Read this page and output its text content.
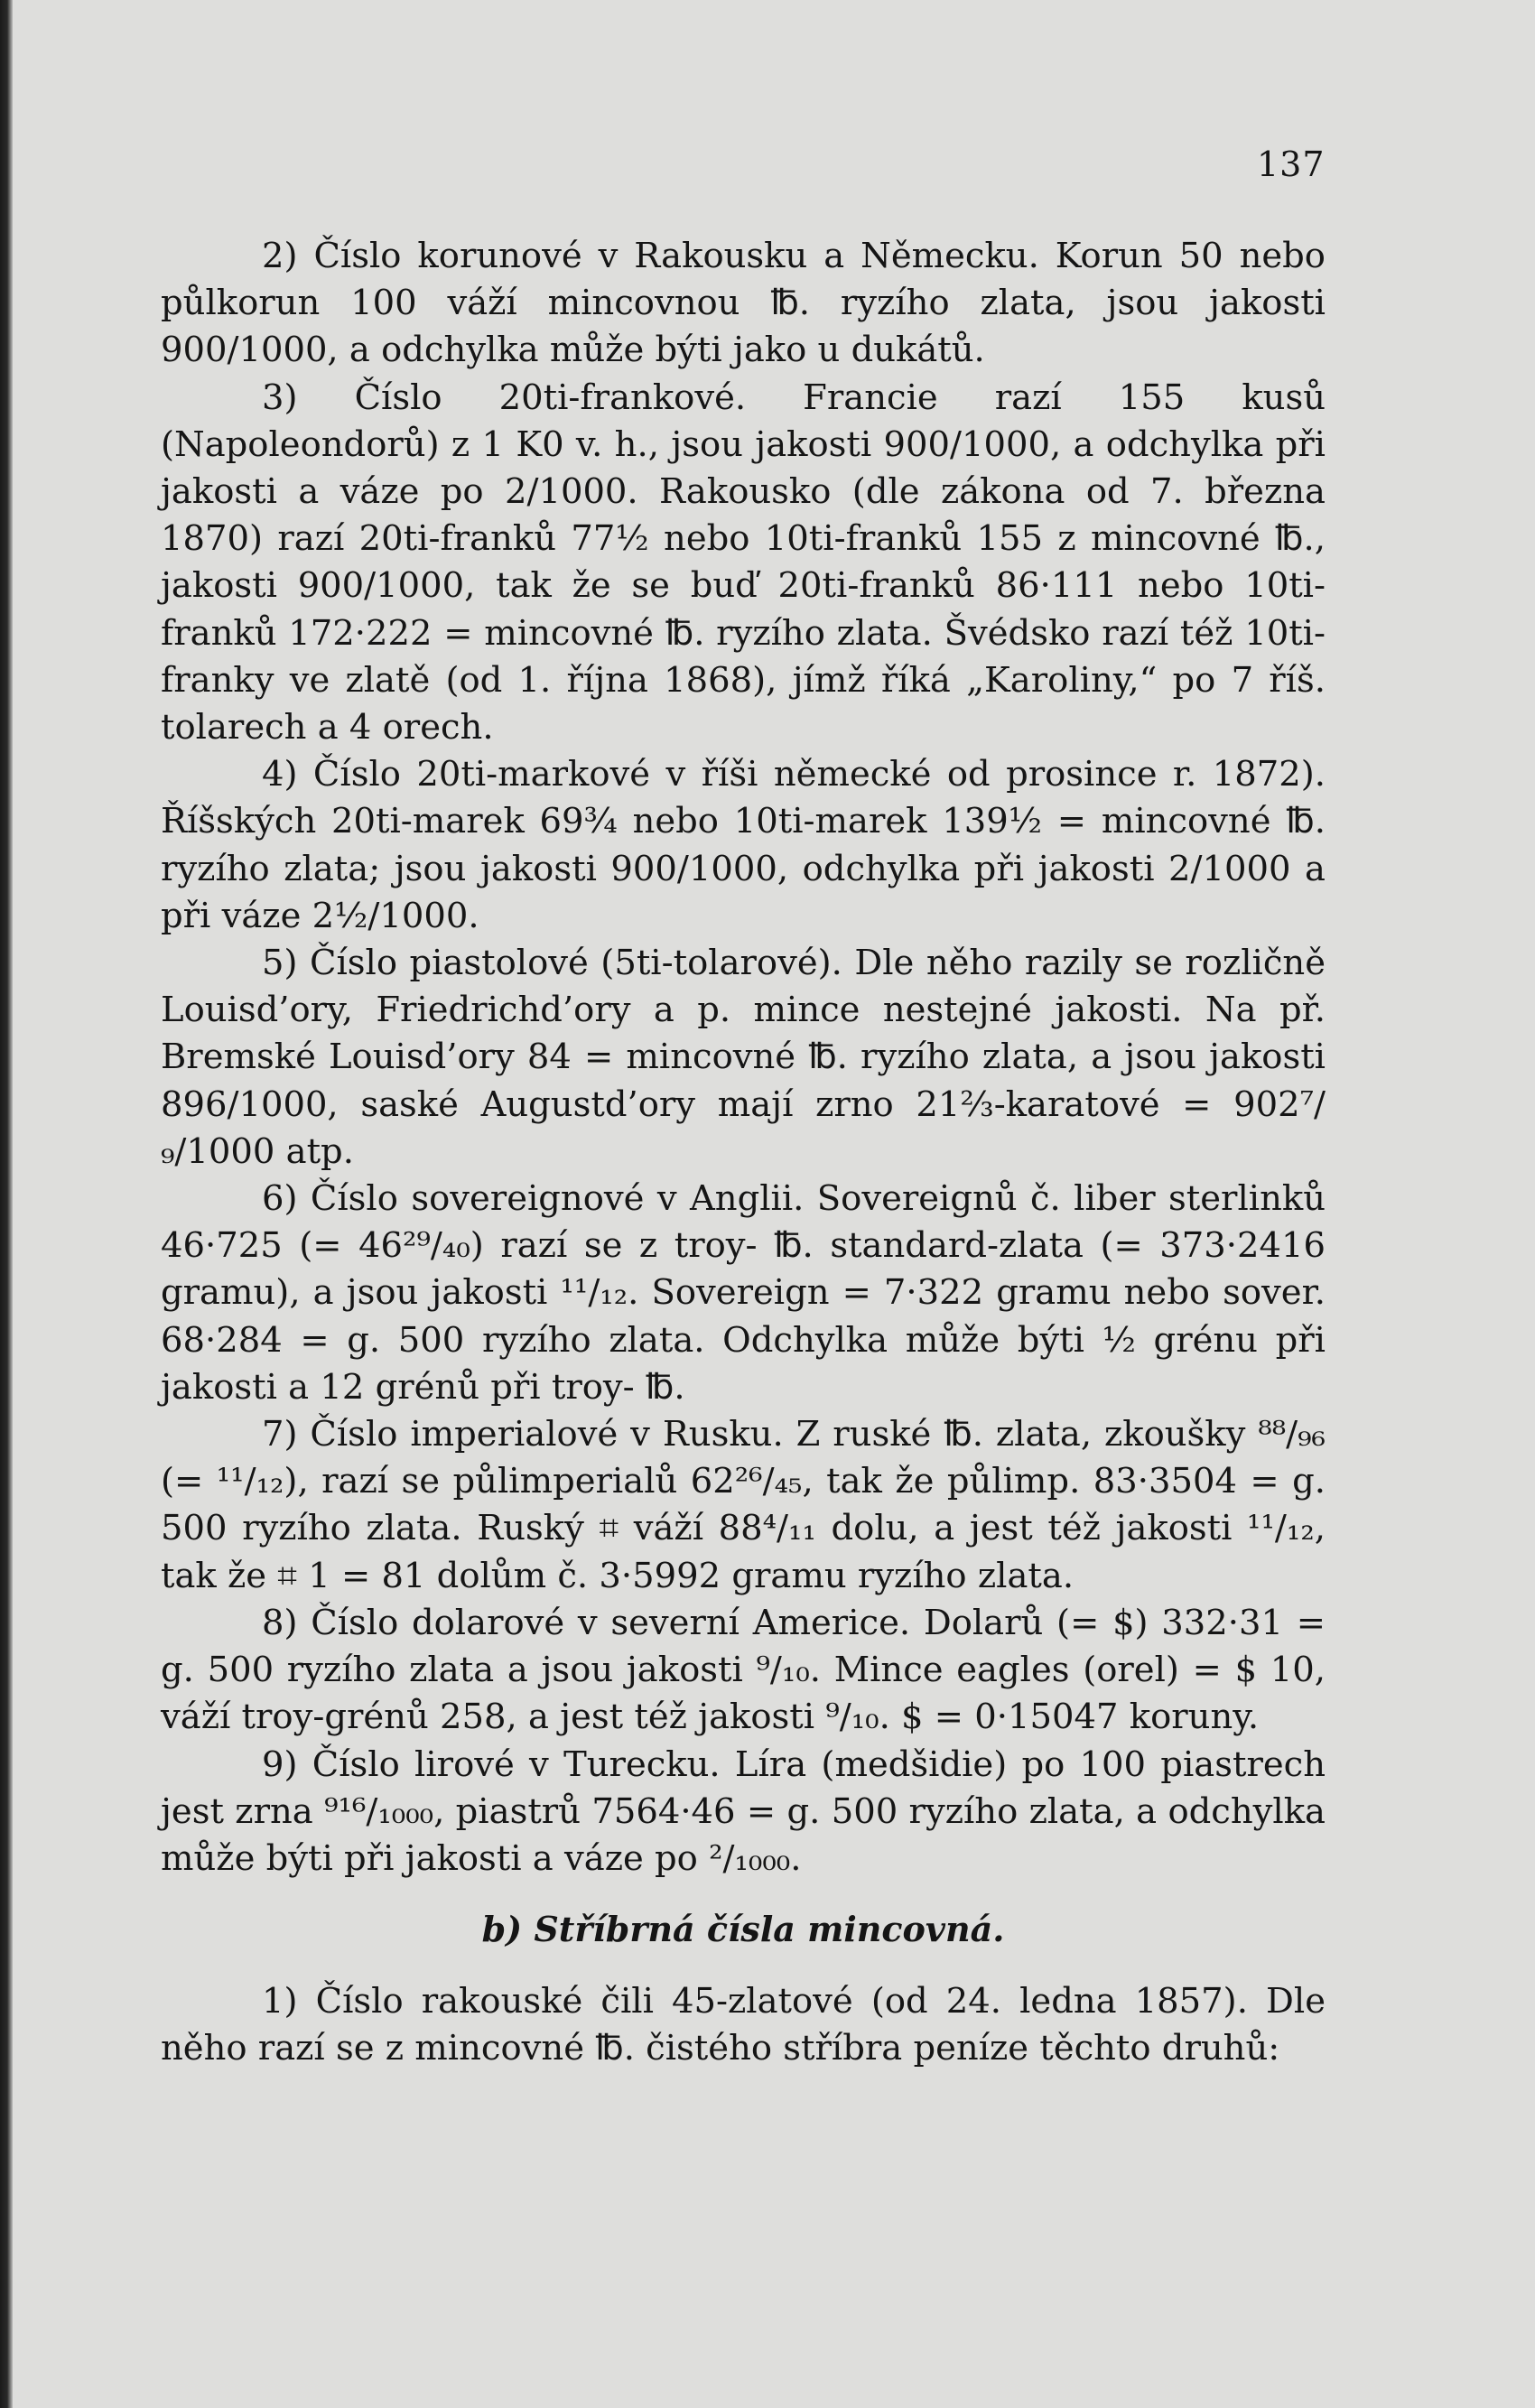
137

2) Číslo korunové v Rakousku a Německu. Korun 50 nebo půlkorun 100 váží mincovnou ℔. ryzího zlata, jsou jakosti 900/1000, a odchylka může býti jako u dukátů.

3) Číslo 20ti-frankové. Francie razí 155 kusů (Napoleondorů) z 1 K0 v. h., jsou jakosti 900/1000, a odchylka při jakosti a váze po 2/1000. Rakousko (dle zákona od 7. března 1870) razí 20ti-franků 77½ nebo 10ti-franků 155 z mincovné ℔., jakosti 900/1000, tak že se buď 20ti-franků 86·111 nebo 10ti-franků 172·222 = mincovné ℔. ryzího zlata. Švédsko razí též 10ti-franky ve zlatě (od 1. října 1868), jímž říká „Karoliny,“ po 7 říš. tolarech a 4 orech.

4) Číslo 20ti-markové v říši německé od prosince r. 1872). Říšských 20ti-marek 69¾ nebo 10ti-marek 139½ = mincovné ℔. ryzího zlata; jsou jakosti 900/1000, odchylka při jakosti 2/1000 a při váze 2½/1000.

5) Číslo piastolové (5ti-tolarové). Dle něho razily se rozličně Louisd’ory, Friedrichd’ory a p. mince nestejné jakosti. Na př. Bremské Louisd’ory 84 = mincovné ℔. ryzího zlata, a jsou jakosti 896/1000, saské Augustd’ory mají zrno 21⅔-karatové = 902⁷/₉/1000 atp.

6) Číslo sovereignové v Anglii. Sovereignů č. liber sterlinků 46·725 (= 46²⁹/₄₀) razí se z troy- ℔. standard-zlata (= 373·2416 gramu), a jsou jakosti ¹¹/₁₂. Sovereign = 7·322 gramu nebo sover. 68·284 = g. 500 ryzího zlata. Odchylka může býti ½ grénu při jakosti a 12 grénů při troy- ℔.

7) Číslo imperialové v Rusku. Z ruské ℔. zlata, zkoušky ⁸⁸/₉₆ (= ¹¹/₁₂), razí se půlimperialů 62²⁶/₄₅, tak že půlimp. 83·3504 = g. 500 ryzího zlata. Ruský ⌗ váží 88⁴/₁₁ dolu, a jest též jakosti ¹¹/₁₂, tak že ⌗ 1 = 81 dolům č. 3·5992 gramu ryzího zlata.

8) Číslo dolarové v severní Americe. Dolarů (= $) 332·31 = g. 500 ryzího zlata a jsou jakosti ⁹/₁₀. Mince eagles (orel) = $ 10, váží troy-grénů 258, a jest též jakosti ⁹/₁₀. $ = 0·15047 koruny.

9) Číslo lirové v Turecku. Líra (medšidie) po 100 piastrech jest zrna ⁹¹⁶/₁₀₀₀, piastrů 7564·46 = g. 500 ryzího zlata, a odchylka může býti při jakosti a váze po ²/₁₀₀₀.

b) Stříbrná čísla mincovná.

1) Číslo rakouské čili 45-zlatové (od 24. ledna 1857). Dle něho razí se z mincovné ℔. čistého stříbra peníze těchto druhů:
